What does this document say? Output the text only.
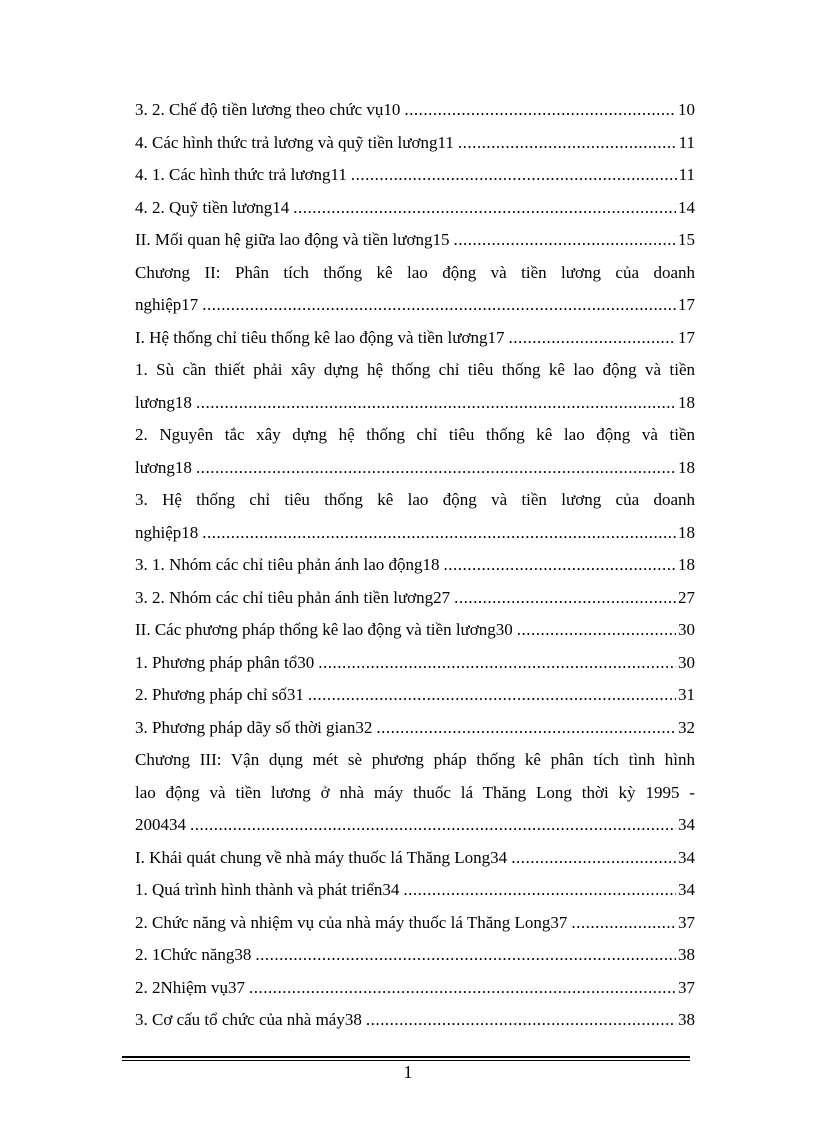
3. 2. Chế độ tiền lương theo chức vụ10 .....	10
4. Các hình thức trả lương và quỹ tiền lương11 .....	11
4. 1. Các hình thức trả lương11 .....	11
4. 2. Quỹ tiền lương14 .....	14
II. Mối quan hệ giữa lao động và tiền lương15 .....	15
Chương II: Phân tích thống kê lao động và tiền lương của doanh
nghiệp17 .....	17
I. Hệ thống chỉ tiêu thống kê lao động và tiền lương17 .....	17
1. Sù cần thiết phải xây dựng hệ thống chỉ tiêu thống kê lao động và tiền
lương18 .....	18
2. Nguyên tắc xây dựng hệ thống chỉ tiêu thống kê lao động và tiền
lương18 .....	18
3. Hệ thống chỉ tiêu thống kê lao động và tiền lương của doanh
nghiệp18 .....	18
3. 1. Nhóm các chỉ tiêu phản ánh lao động18 .....	18
3. 2. Nhóm các chỉ tiêu phản ánh tiền lương27 .....	27
II. Các phương pháp thống kê lao động và tiền lương30 .....	30
1. Phương pháp phân tổ30 .....	30
2. Phương pháp chỉ số31 .....	31
3. Phương pháp dãy số thời gian32 .....	32
Chương III: Vận dụng mét sè phương pháp thống kê phân tích tình hình
lao động và tiền lương ở nhà máy thuốc lá Thăng Long thời kỳ 1995 -
200434 .....	34
I. Khái quát chung về nhà máy thuốc lá Thăng Long34 .....	34
1. Quá trình hình thành và phát triển34 .....	34
2. Chức năng và nhiệm vụ của nhà máy thuốc lá Thăng Long37 .....	37
2. 1Chức năng38 .....	38
2. 2Nhiệm vụ37 .....	37
3. Cơ cấu tổ chức của nhà máy38 .....	38
1
